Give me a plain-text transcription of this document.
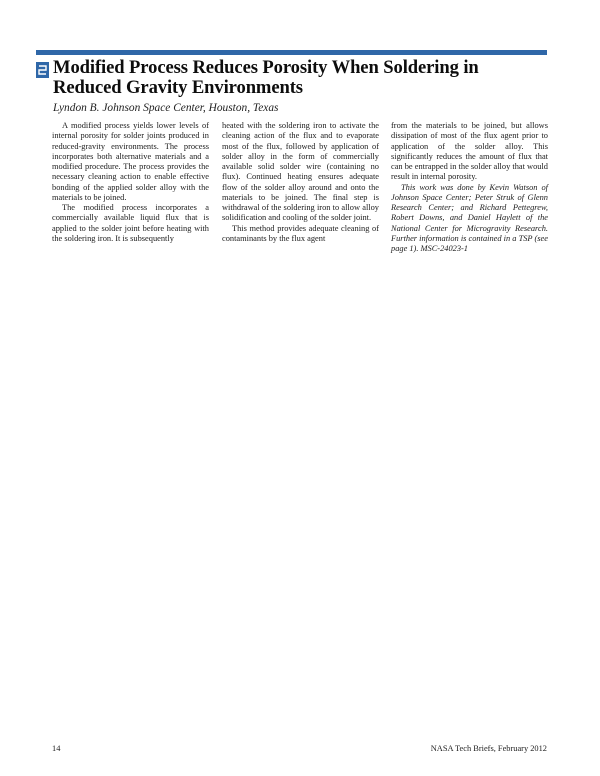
Modified Process Reduces Porosity When Soldering in Reduced Gravity Environments
Lyndon B. Johnson Space Center, Houston, Texas

A modified process yields lower levels of internal porosity for solder joints produced in reduced-gravity environments. The process incorporates both alternative materials and a modified procedure. The process provides the necessary cleaning action to enable effective bonding of the applied solder alloy with the materials to be joined.

The modified process incorporates a commercially available liquid flux that is applied to the solder joint before heating with the soldering iron. It is subsequently

heated with the soldering iron to activate the cleaning action of the flux and to evaporate most of the flux, followed by application of solder alloy in the form of commercially available solid solder wire (containing no flux). Continued heating ensures adequate flow of the solder alloy around and onto the materials to be joined. The final step is withdrawal of the soldering iron to allow alloy solidification and cooling of the solder joint.

This method provides adequate cleaning of contaminants by the flux agent

from the materials to be joined, but allows dissipation of most of the flux agent prior to application of the solder alloy. This significantly reduces the amount of flux that can be entrapped in the solder alloy that would result in internal porosity.

This work was done by Kevin Watson of Johnson Space Center; Peter Struk of Glenn Research Center; and Richard Pettegrew, Robert Downs, and Daniel Haylett of the National Center for Microgravity Research. Further information is contained in a TSP (see page 1). MSC-24023-1

14	NASA Tech Briefs, February 2012
